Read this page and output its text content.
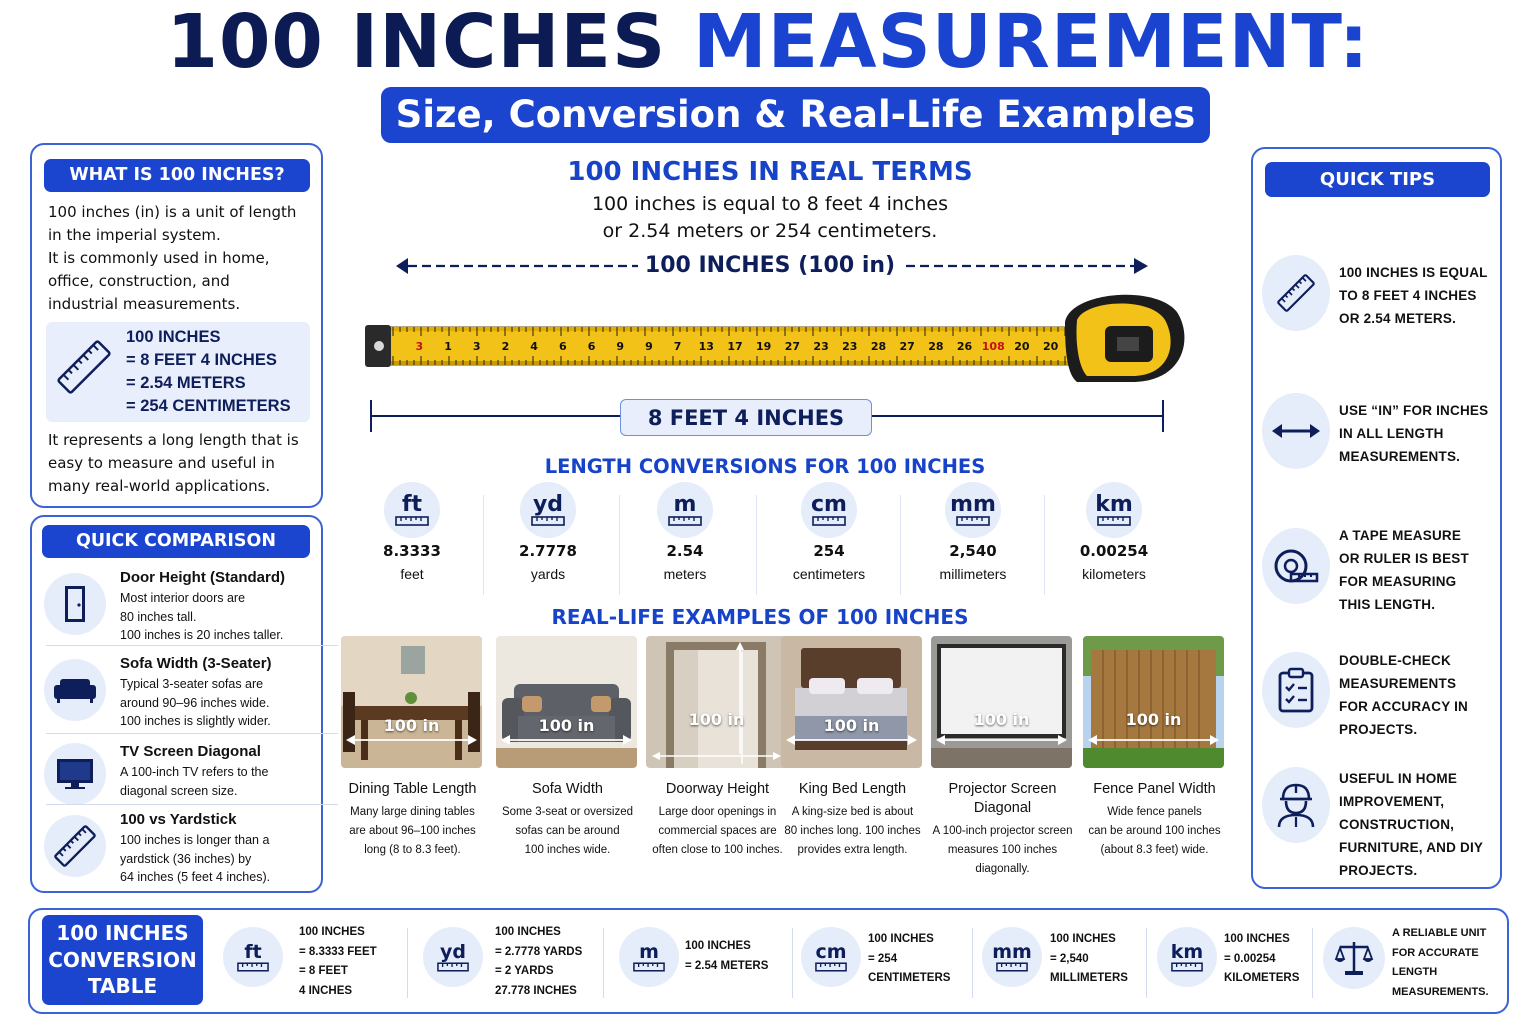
100 INCHES MEASUREMENT:
Size, Conversion & Real-Life Examples
WHAT IS 100 INCHES?
100 inches (in) is a unit of length
in the imperial system.
It is commonly used in home,
office, construction, and
industrial measurements.
100 INCHES
= 8 FEET 4 INCHES
= 2.54 METERS
= 254 CENTIMETERS
It represents a long length that is
easy to measure and useful in
many real-world applications.
QUICK COMPARISON
Door Height (Standard)
Most interior doors are
80 inches tall.
100 inches is 20 inches taller.
Sofa Width (3-Seater)
Typical 3-seater sofas are
around 90–96 inches wide.
100 inches is slightly wider.
TV Screen Diagonal
A 100-inch TV refers to the
diagonal screen size.
100 vs Yardstick
100 inches is longer than a
yardstick (36 inches) by
64 inches (5 feet 4 inches).
100 INCHES IN REAL TERMS
100 inches is equal to 8 feet 4 inches
or 2.54 meters or 254 centimeters.
100 INCHES (100 in)
3	1	3	2	4	6	6	9	9	7	13	17	19	27	23	23	28	27	28	26 108 20	20
8 FEET 4 INCHES
LENGTH CONVERSIONS FOR 100 INCHES
ft
8.3333
feet
yd
2.7778
yards
m
2.54
meters
cm
254
centimeters
mm
2,540
millimeters
km
0.00254
kilometers
REAL-LIFE EXAMPLES OF 100 INCHES
100 in
Dining Table Length
Many large dining tables
are about 96–100 inches
long (8 to 8.3 feet).
100 in
Sofa Width
Some 3-seat or oversized
sofas can be around
100 inches wide.
100 in
Doorway Height
Large door openings in
commercial spaces are
often close to 100 inches.
100 in
King Bed Length
A king-size bed is about
80 inches long. 100 inches
provides extra length.
100 in
Projector Screen
Diagonal
A 100-inch projector screen
measures 100 inches
diagonally.
100 in
Fence Panel Width
Wide fence panels
can be around 100 inches
(about 8.3 feet) wide.
QUICK TIPS
100 INCHES IS EQUAL
TO 8 FEET 4 INCHES
OR 2.54 METERS.
USE “IN” FOR INCHES
IN ALL LENGTH
MEASUREMENTS.
A TAPE MEASURE
OR RULER IS BEST
FOR MEASURING
THIS LENGTH.
DOUBLE-CHECK
MEASUREMENTS
FOR ACCURACY IN
PROJECTS.
USEFUL IN HOME
IMPROVEMENT,
CONSTRUCTION,
FURNITURE, AND DIY
PROJECTS.
100 INCHES
CONVERSION
TABLE
ft
100 INCHES
= 8.3333 FEET
= 8 FEET
4 INCHES
yd
100 INCHES
= 2.7778 YARDS
= 2 YARDS
27.778 INCHES
m 100 INCHES
= 2.54 METERS
cm
100 INCHES
= 254
CENTIMETERS
mm
100 INCHES
= 2,540
MILLIMETERS
km
100 INCHES
= 0.00254
KILOMETERS
A RELIABLE UNIT
FOR ACCURATE
LENGTH
MEASUREMENTS.
